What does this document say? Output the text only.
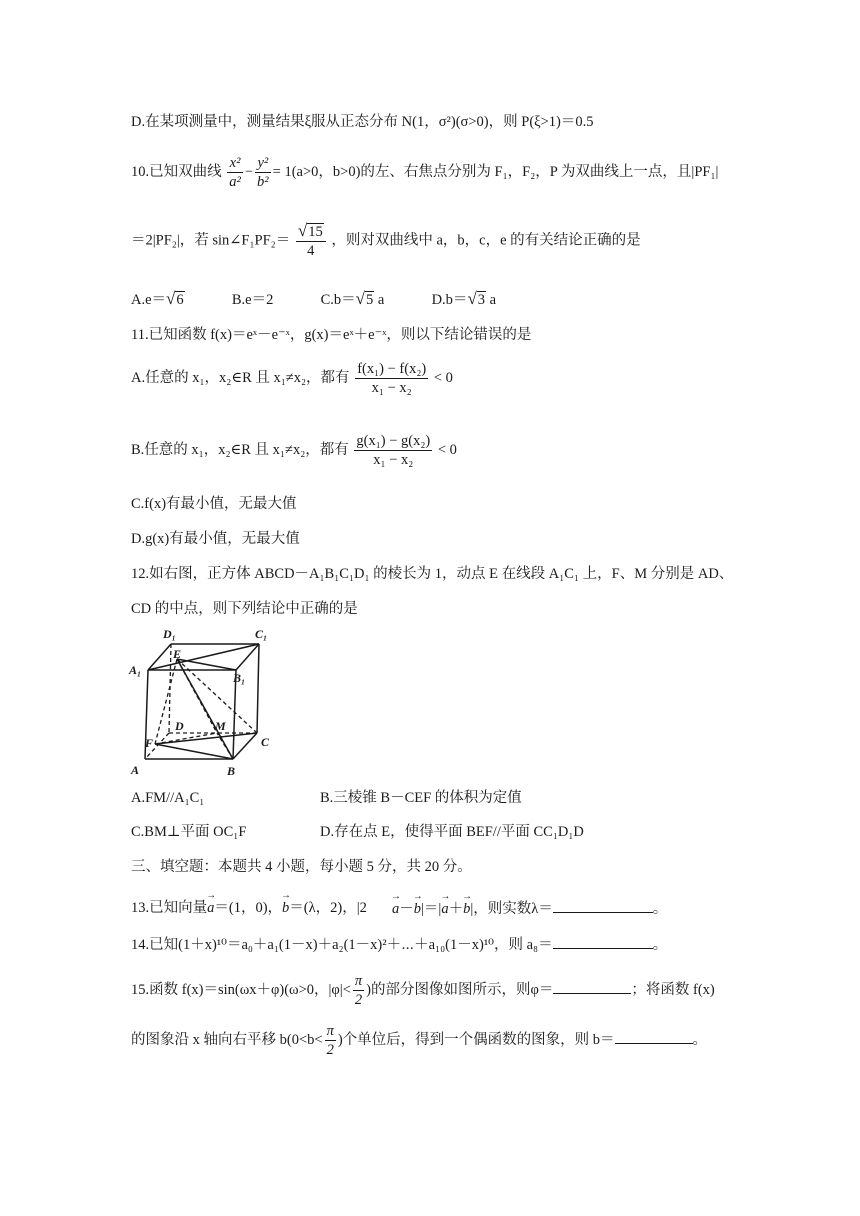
D.在某项测量中，测量结果ξ服从正态分布 N(1，σ²)(σ>0)，则 P(ξ>1)＝0.5
10.已知双曲线 $\frac{\text{x²}}{\text{a²}} - \frac{\text{y²}}{\text{b²}} = 1(a>0$，b>0)的左、右焦点分别为 F₁，F₂，P 为双曲线上一点，且|PF₁|
＝2|PF₂|，若 sin∠F₁PF₂＝ $\frac{√15}{4}$ ，则对双曲线中 a，b，c，e 的有关结论正确的是
A.e＝√6	B.e＝2	C.b＝√5 a	D.b＝√3 a
11.已知函数 f(x)＝eˣ－e⁻ˣ，g(x)＝eˣ＋e⁻ˣ，则以下结论错误的是
A.任意的 x₁，x₂∈R 且 x₁≠x₂，都有 $\frac{\text{f(x₁) − f(x₂)}}{\text{x₁ − x₂}} < 0$
B.任意的 x₁，x₂∈R 且 x₁≠x₂，都有 $\frac{\text{g(x₁) − g(x₂)}}{\text{x₁ − x₂}} < 0$
C.f(x)有最小值，无最大值
D.g(x)有最小值，无最大值
12.如右图，正方体 ABCD－A₁B₁C₁D₁ 的棱长为 1，动点 E 在线段 A₁C₁ 上，F、M 分别是 AD、
CD 的中点，则下列结论中正确的是
D₁	C₁
A₁
B₁
E
D	M
F	C
A	B
A.FM//A₁C₁	B.三棱锥 B－CEF 的体积为定值
C.BM⊥平面 OC₁F	D.存在点 E，使得平面 BEF//平面 CC₁D₁D
三、填空题：本题共 4 小题，每小题 5 分，共 20 分。
13.已知向量→ a＝(1，0)，→ b＝(λ，2)，|2
→ a－→ b|＝|→ a＋→ b|，则实数λ＝	。
14.已知(1＋x)¹⁰＝a₀＋a₁(1－x)＋a₂(1－x)²＋⋯＋a₁₀(1－x)¹⁰，则 a₈＝	。
15.函数 f(x)＝sin(ωx＋φ)(ω>0，$|\varphi|< \frac{\pi}{2}$ )的部分图像如图所示，则φ＝	；将函数 f(x)
的图象沿 x 轴向右平移 $b(0<b< \frac{\pi}{2}$ )个单位后，得到一个偶函数的图象，则 b＝	。
